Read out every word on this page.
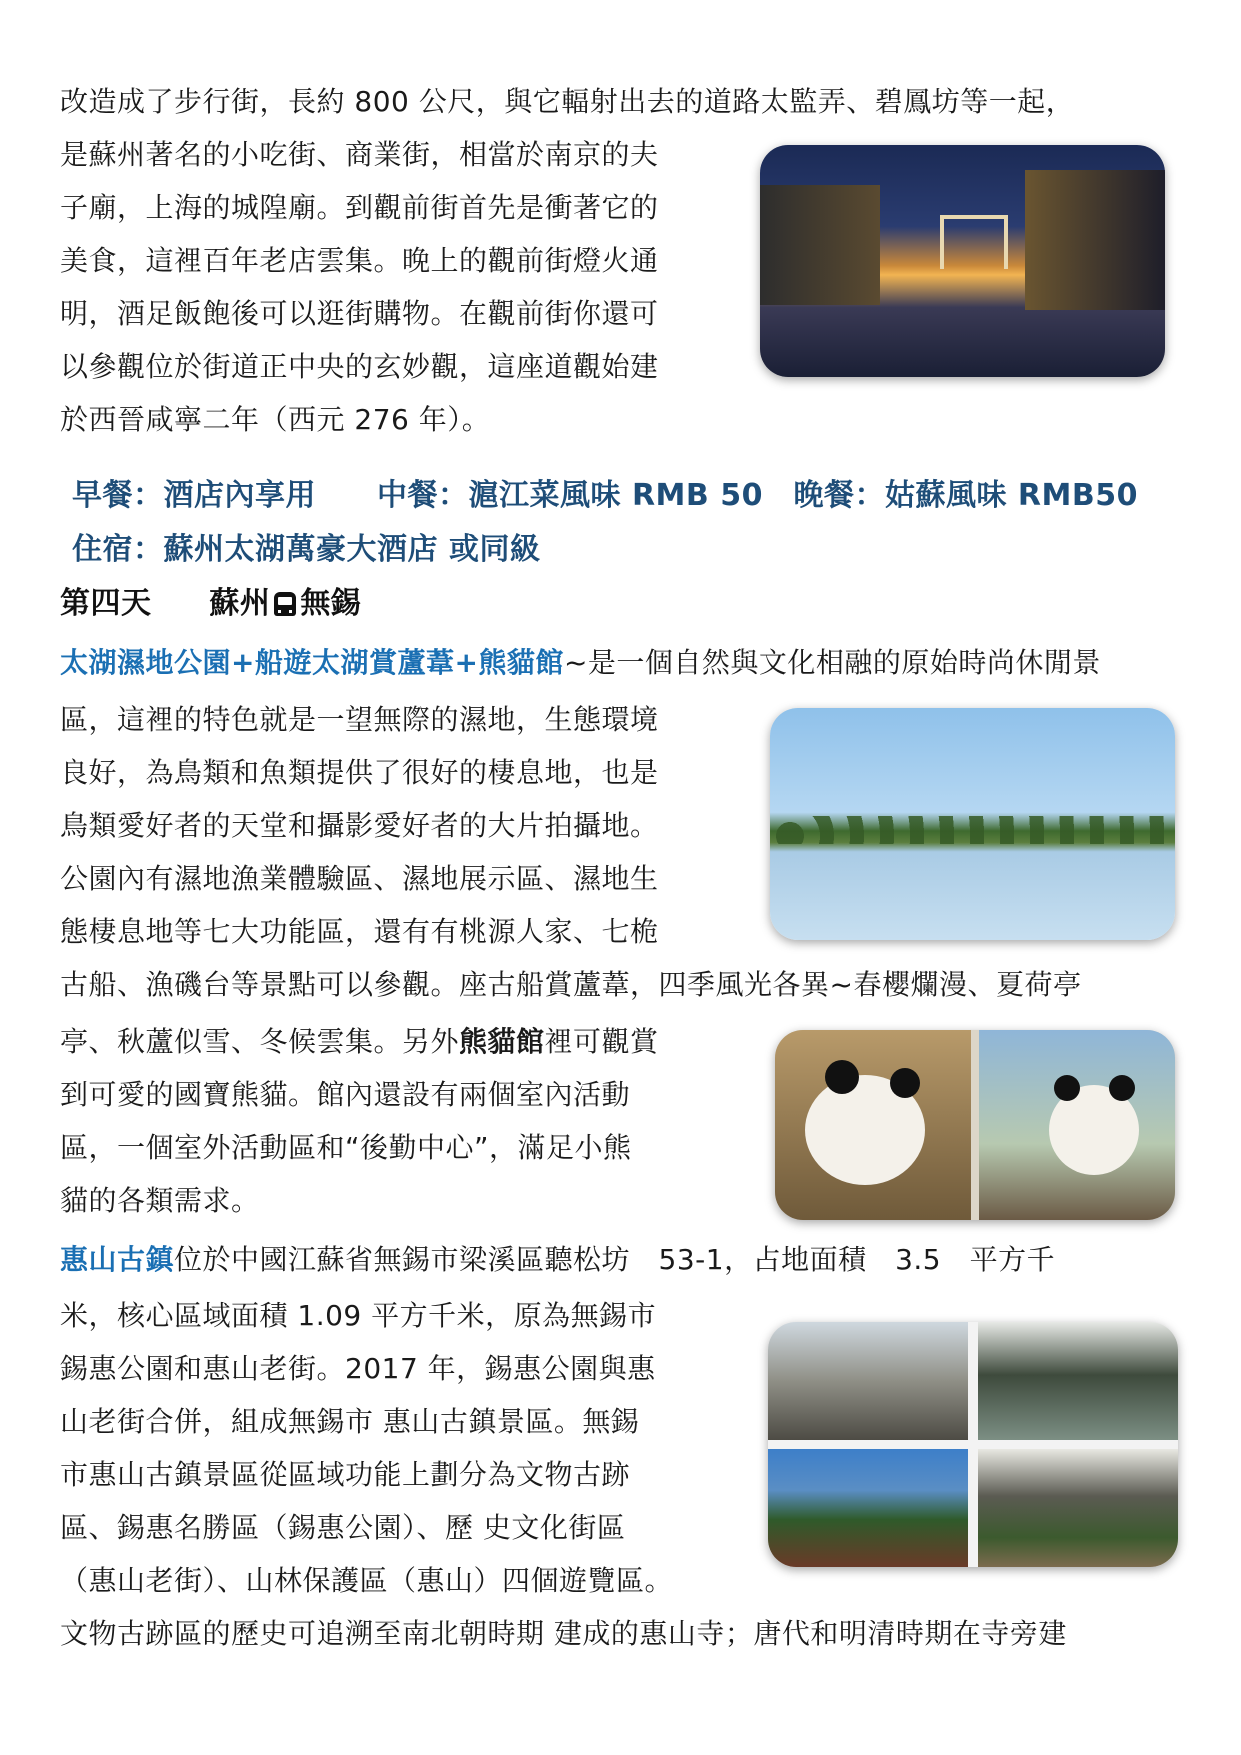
改造成了步行街，長約 800 公尺，與它輻射出去的道路太監弄、碧鳳坊等一起，
是蘇州著名的小吃街、商業街，相當於南京的夫
子廟，上海的城隍廟。到觀前街首先是衝著它的
美食，這裡百年老店雲集。晚上的觀前街燈火通
明，酒足飯飽後可以逛街購物。在觀前街你還可
以參觀位於街道正中央的玄妙觀，這座道觀始建
於西晉咸寧二年（西元 276 年）。
早餐：酒店內享用　　中餐：滬江菜風味 RMB 50　晚餐：姑蘇風味 RMB50
住宿：蘇州太湖萬豪大酒店 或同級
第四天 蘇州 無錫
太湖濕地公園+船遊太湖賞蘆葦+熊貓館~是一個自然與文化相融的原始時尚休閒景
區，這裡的特色就是一望無際的濕地，生態環境
良好，為鳥類和魚類提供了很好的棲息地，也是
鳥類愛好者的天堂和攝影愛好者的大片拍攝地。
公園內有濕地漁業體驗區、濕地展示區、濕地生
態棲息地等七大功能區，還有有桃源人家、七桅
古船、漁磯台等景點可以參觀。座古船賞蘆葦，四季風光各異~春櫻爛漫、夏荷亭
亭、秋蘆似雪、冬候雲集。另外熊貓館裡可觀賞
到可愛的國寶熊貓。館內還設有兩個室內活動
區，一個室外活動區和“後勤中心”，滿足小熊
貓的各類需求。
惠山古鎮位於中國江蘇省無錫市梁溪區聽松坊　53-1，占地面積　3.5　平方千
米，核心區域面積 1.09 平方千米，原為無錫市
錫惠公園和惠山老街。2017 年，錫惠公園與惠
山老街合併，組成無錫市 惠山古鎮景區。無錫
市惠山古鎮景區從區域功能上劃分為文物古跡
區、錫惠名勝區（錫惠公園）、歷 史文化街區
（惠山老街）、山林保護區（惠山）四個遊覽區。
文物古跡區的歷史可追溯至南北朝時期 建成的惠山寺；唐代和明清時期在寺旁建
